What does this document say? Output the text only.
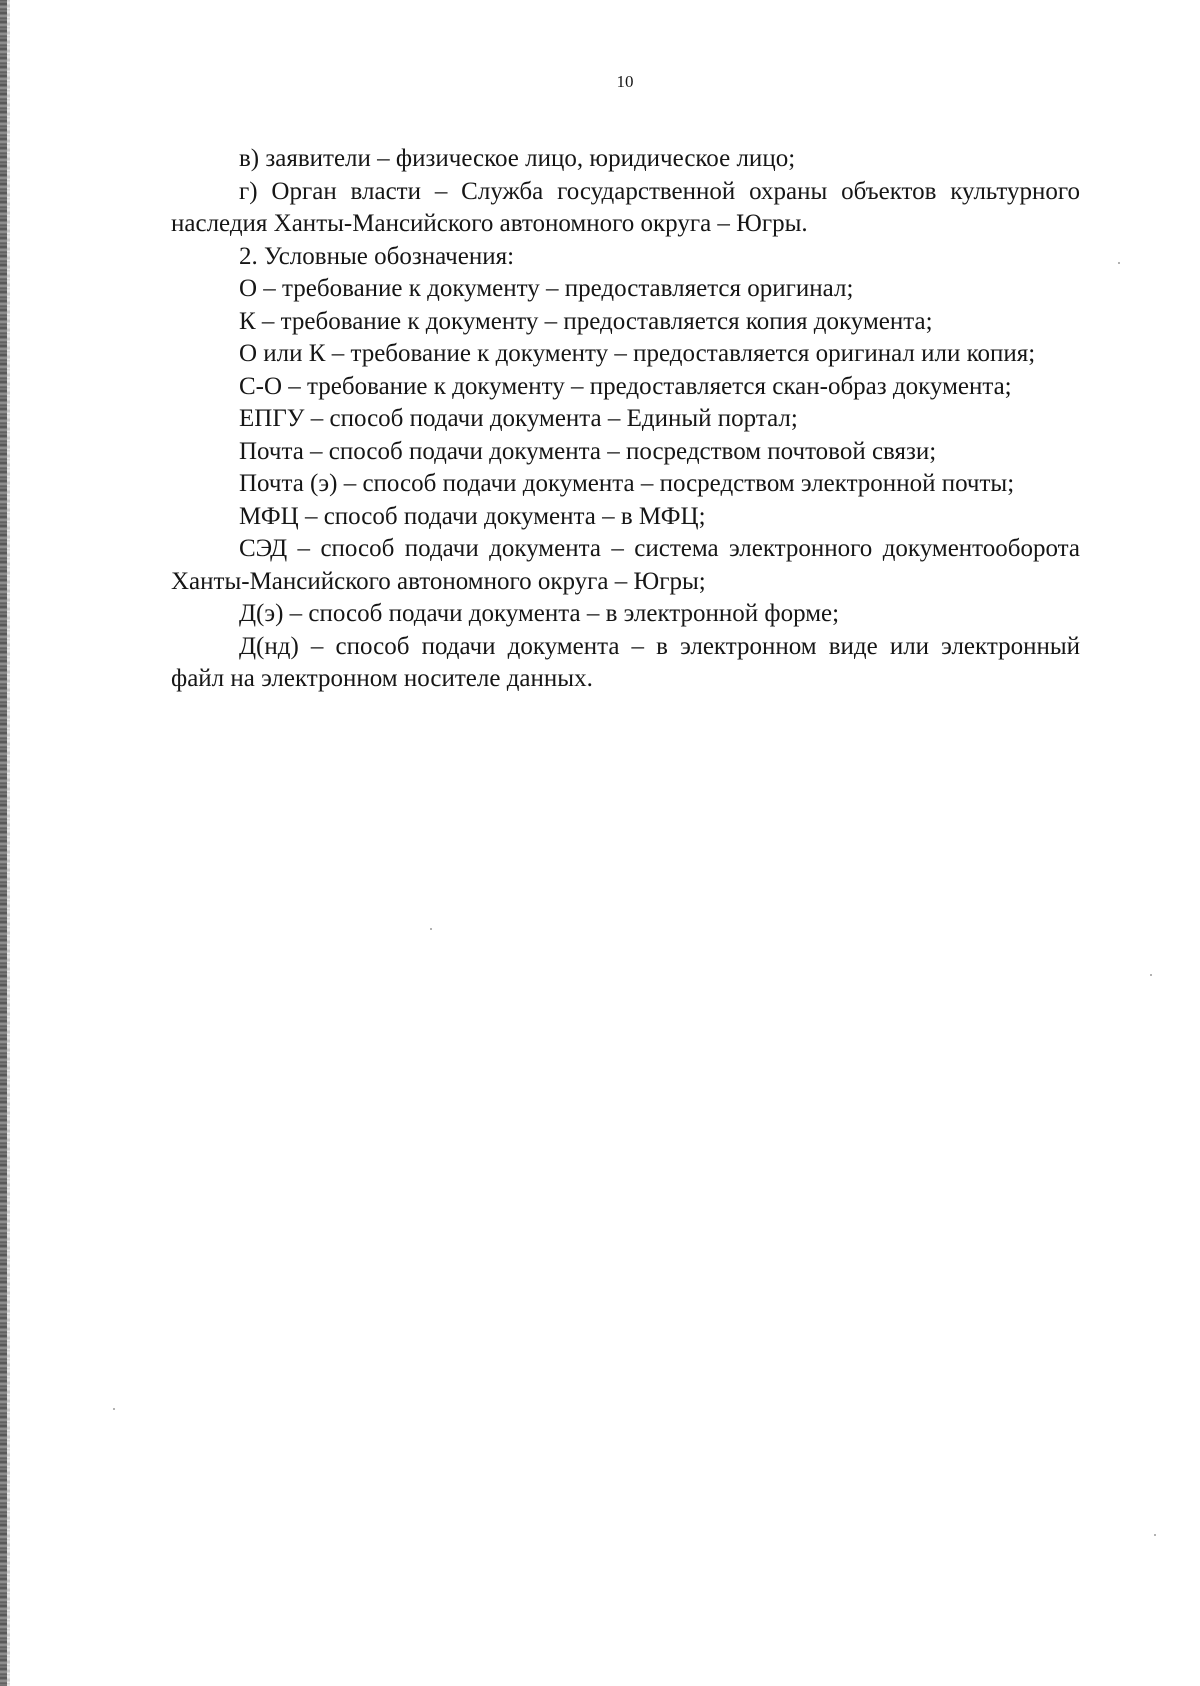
10

в) заявители – физическое лицо, юридическое лицо;

г) Орган власти – Служба государственной охраны объектов культурного наследия Ханты-Мансийского автономного округа – Югры.

2. Условные обозначения:

О – требование к документу – предоставляется оригинал;

К – требование к документу – предоставляется копия документа;

О или К – требование к документу – предоставляется оригинал или копия;

С-О – требование к документу – предоставляется скан-образ документа;

ЕПГУ – способ подачи документа – Единый портал;

Почта – способ подачи документа – посредством почтовой связи;

Почта (э) – способ подачи документа – посредством электронной почты;

МФЦ – способ подачи документа – в МФЦ;

СЭД – способ подачи документа – система электронного документооборота Ханты-Мансийского автономного округа – Югры;

Д(э) – способ подачи документа – в электронной форме;

Д(нд) – способ подачи документа – в электронном виде или электронный файл на электронном носителе данных.
